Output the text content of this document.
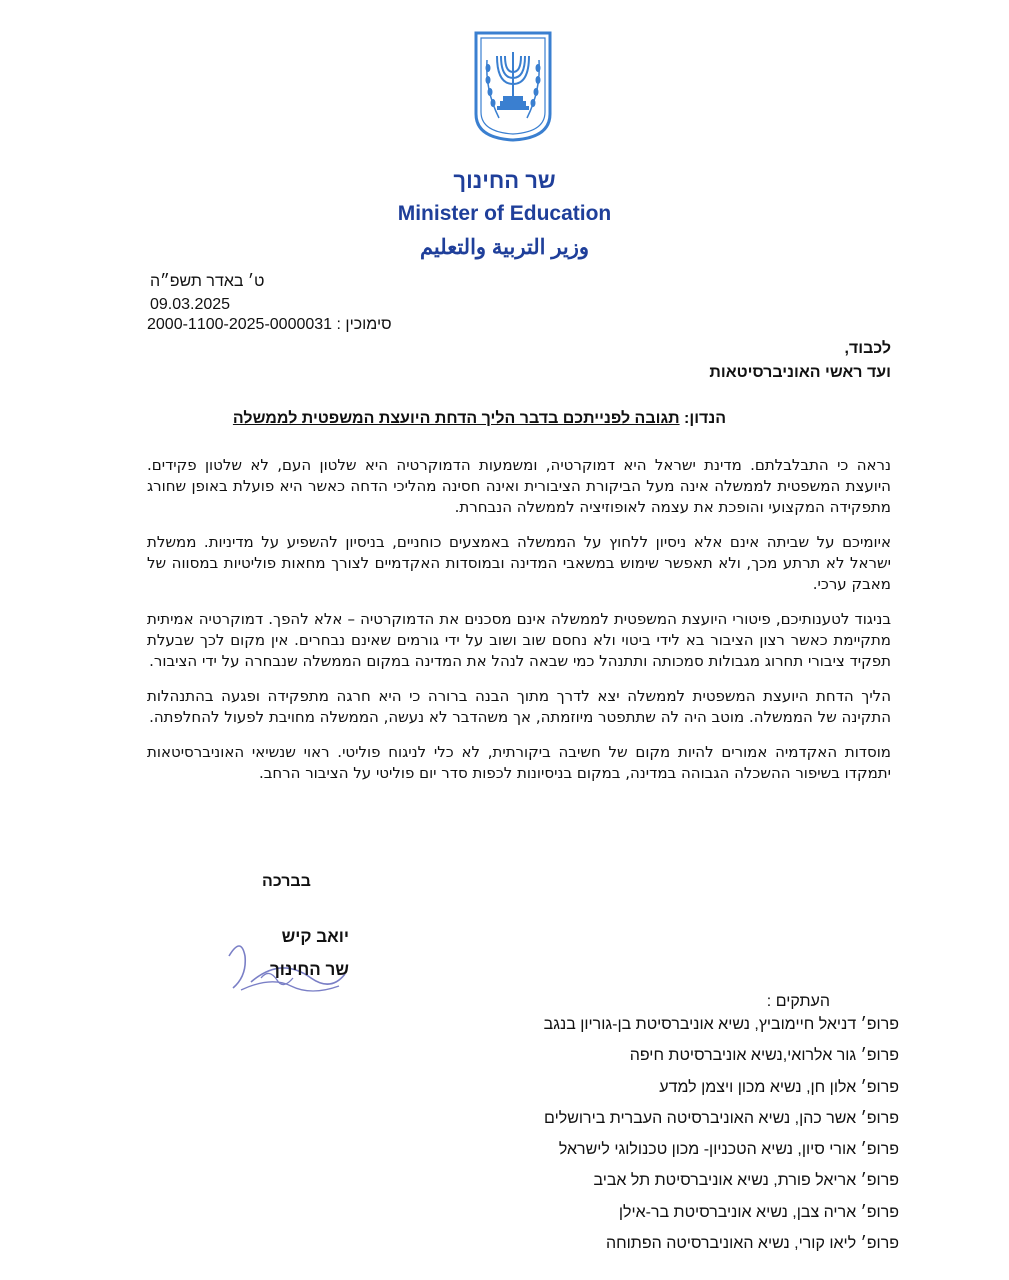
שר החינוך
Minister of Education
وزير التربية والتعليم
ט׳ באדר תשפ״ה
09.03.2025
סימוכין : 2000-1100-2025-0000031
לכבוד,
ועד ראשי האוניברסיטאות
הנדון: תגובה לפנייתכם בדבר הליך הדחת היועצת המשפטית לממשלה

נראה כי התבלבלתם. מדינת ישראל היא דמוקרטיה, ומשמעות הדמוקרטיה היא שלטון העם, לא שלטון פקידים. היועצת המשפטית לממשלה אינה מעל הביקורת הציבורית ואינה חסינה מהליכי הדחה כאשר היא פועלת באופן שחורג מתפקידה המקצועי והופכת את עצמה לאופוזיציה לממשלה הנבחרת.

איומיכם על שביתה אינם אלא ניסיון ללחוץ על הממשלה באמצעים כוחניים, בניסיון להשפיע על מדיניות. ממשלת ישראל לא תרתע מכך, ולא תאפשר שימוש במשאבי המדינה ובמוסדות האקדמיים לצורך מחאות פוליטיות במסווה של מאבק ערכי.

בניגוד לטענותיכם, פיטורי היועצת המשפטית לממשלה אינם מסכנים את הדמוקרטיה – אלא להפך. דמוקרטיה אמיתית מתקיימת כאשר רצון הציבור בא לידי ביטוי ולא נחסם שוב ושוב על ידי גורמים שאינם נבחרים. אין מקום לכך שבעלת תפקיד ציבורי תחרוג מגבולות סמכותה ותתנהל כמי שבאה לנהל את המדינה במקום הממשלה שנבחרה על ידי הציבור.

הליך הדחת היועצת המשפטית לממשלה יצא לדרך מתוך הבנה ברורה כי היא חרגה מתפקידה ופגעה בהתנהלות התקינה של הממשלה. מוטב היה לה שתתפטר מיוזמתה, אך משהדבר לא נעשה, הממשלה מחויבת לפעול להחלפתה.

מוסדות האקדמיה אמורים להיות מקום של חשיבה ביקורתית, לא כלי לניגוח פוליטי. ראוי שנשיאי האוניברסיטאות יתמקדו בשיפור ההשכלה הגבוהה במדינה, במקום בניסיונות לכפות סדר יום פוליטי על הציבור הרחב.

בברכה
יואב קיש
שר החינוך
העתקים :
פרופ׳ דניאל חיימוביץ, נשיא אוניברסיטת בן-גוריון בנגב
פרופ׳ גור אלרואי,נשיא אוניברסיטת חיפה
פרופ׳ אלון חן, נשיא מכון ויצמן למדע
פרופ׳ אשר כהן, נשיא האוניברסיטה העברית בירושלים
פרופ׳ אורי סיון, נשיא הטכניון- מכון טכנולוגי לישראל
פרופ׳ אריאל פורת, נשיא אוניברסיטת תל אביב
פרופ׳ אריה צבן, נשיא אוניברסיטת בר-אילן
פרופ׳ ליאו קורי, נשיא האוניברסיטה הפתוחה
